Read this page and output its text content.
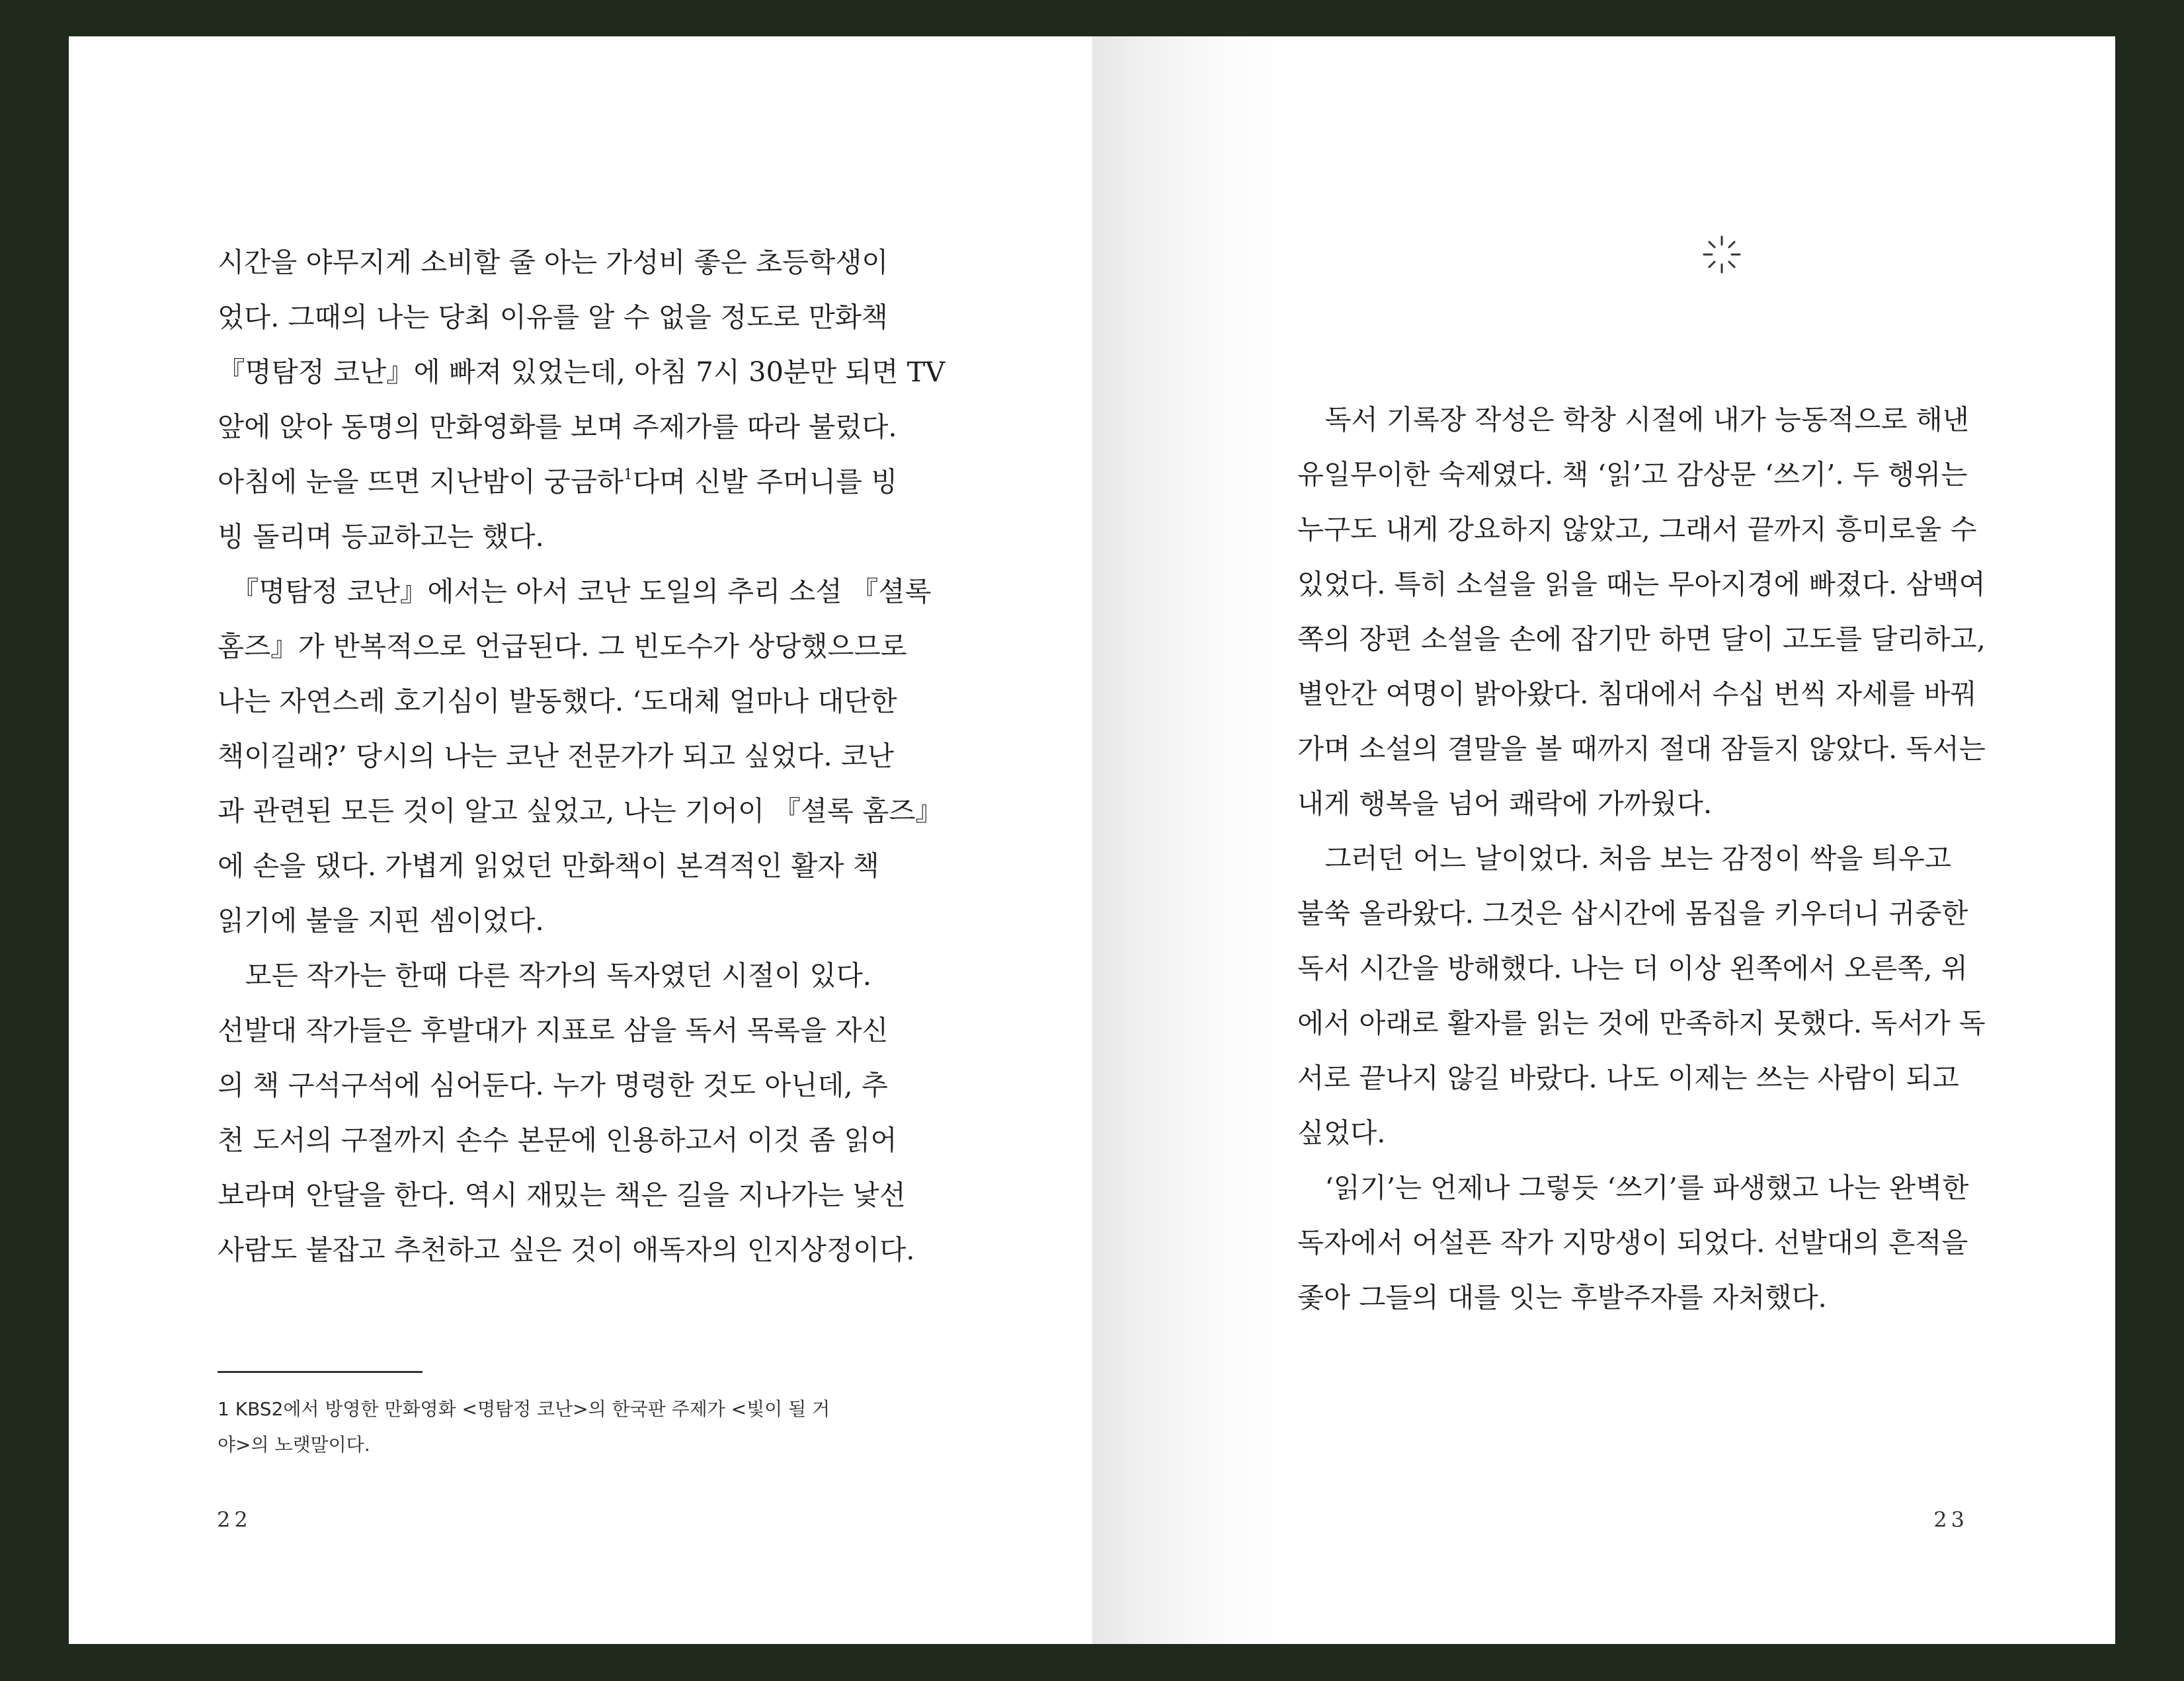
시간을 야무지게 소비할 줄 아는 가성비 좋은 초등학생이
었다. 그때의 나는 당최 이유를 알 수 없을 정도로 만화책
『명탐정 코난』에 빠져 있었는데, 아침 7시 30분만 되면 TV
앞에 앉아 동명의 만화영화를 보며 주제가를 따라 불렀다.
아침에 눈을 뜨면 지난밤이 궁금하$^1$다며 신발 주머니를 빙
빙 돌리며 등교하고는 했다.
　『명탐정 코난』에서는 아서 코난 도일의 추리 소설 『셜록
홈즈』가 반복적으로 언급된다. 그 빈도수가 상당했으므로
나는 자연스레 호기심이 발동했다. ‘도대체 얼마나 대단한
책이길래?’ 당시의 나는 코난 전문가가 되고 싶었다. 코난
과 관련된 모든 것이 알고 싶었고, 나는 기어이 『셜록 홈즈』
에 손을 댔다. 가볍게 읽었던 만화책이 본격적인 활자 책
읽기에 불을 지핀 셈이었다.
　모든 작가는 한때 다른 작가의 독자였던 시절이 있다.
선발대 작가들은 후발대가 지표로 삼을 독서 목록을 자신
의 책 구석구석에 심어둔다. 누가 명령한 것도 아닌데, 추
천 도서의 구절까지 손수 본문에 인용하고서 이것 좀 읽어
보라며 안달을 한다. 역시 재밌는 책은 길을 지나가는 낯선
사람도 붙잡고 추천하고 싶은 것이 애독자의 인지상정이다.
1 KBS2에서 방영한 만화영화 <명탐정 코난>의 한국판 주제가 <빛이 될 거
야>의 노랫말이다.
22
　독서 기록장 작성은 학창 시절에 내가 능동적으로 해낸
유일무이한 숙제였다. 책 ‘읽’고 감상문 ‘쓰기’. 두 행위는
누구도 내게 강요하지 않았고, 그래서 끝까지 흥미로울 수
있었다. 특히 소설을 읽을 때는 무아지경에 빠졌다. 삼백여
쪽의 장편 소설을 손에 잡기만 하면 달이 고도를 달리하고,
별안간 여명이 밝아왔다. 침대에서 수십 번씩 자세를 바꿔
가며 소설의 결말을 볼 때까지 절대 잠들지 않았다. 독서는
내게 행복을 넘어 쾌락에 가까웠다.
　그러던 어느 날이었다. 처음 보는 감정이 싹을 틔우고
불쑥 올라왔다. 그것은 삽시간에 몸집을 키우더니 귀중한
독서 시간을 방해했다. 나는 더 이상 왼쪽에서 오른쪽, 위
에서 아래로 활자를 읽는 것에 만족하지 못했다. 독서가 독
서로 끝나지 않길 바랐다. 나도 이제는 쓰는 사람이 되고
싶었다.
　‘읽기’는 언제나 그렇듯 ‘쓰기’를 파생했고 나는 완벽한
독자에서 어설픈 작가 지망생이 되었다. 선발대의 흔적을
좇아 그들의 대를 잇는 후발주자를 자처했다.
23
